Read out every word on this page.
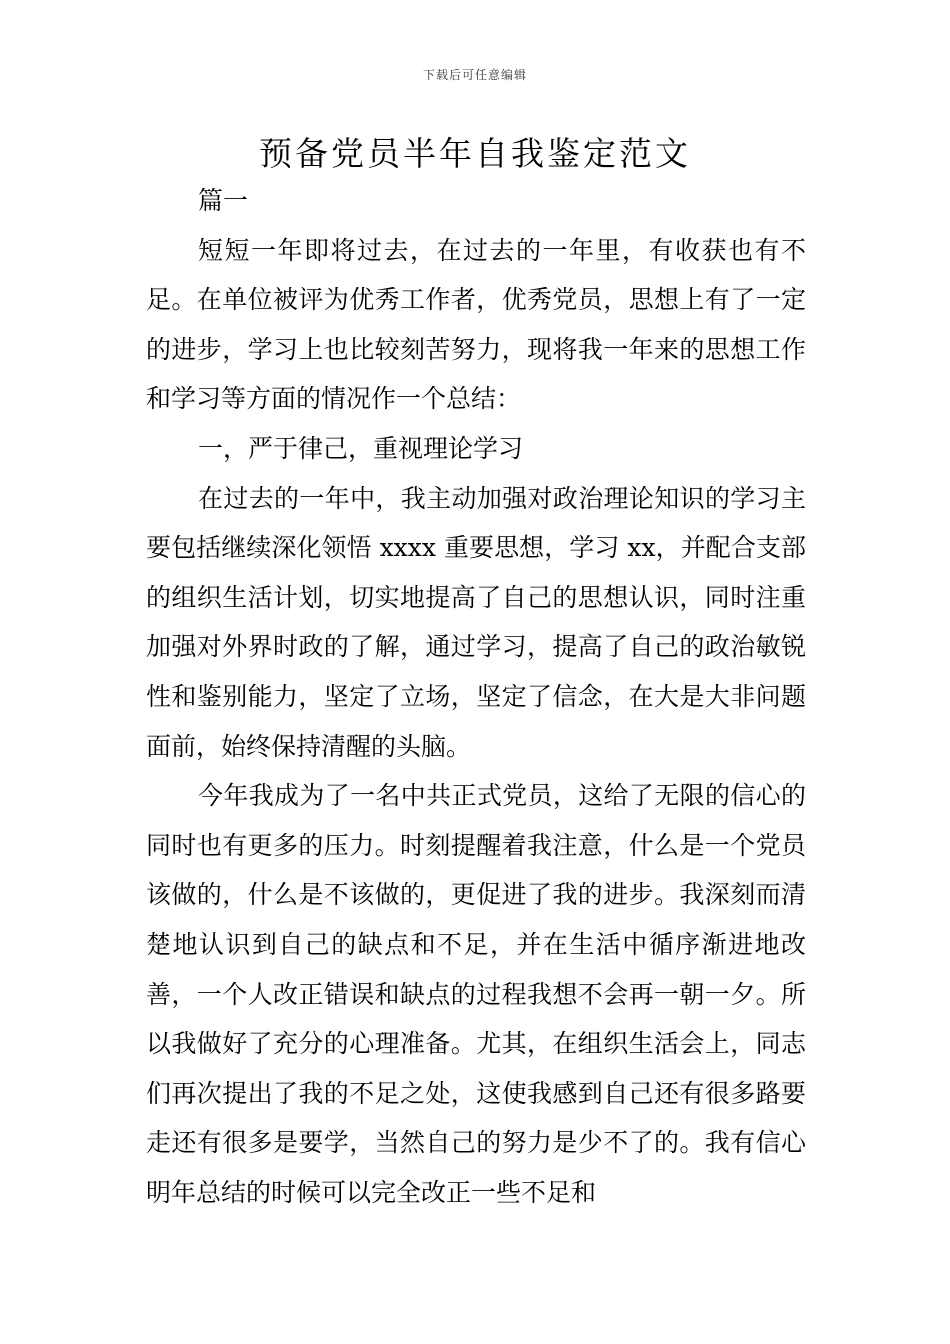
下载后可任意编辑
预备党员半年自我鉴定范文

篇一

短短一年即将过去，在过去的一年里，有收获也有不足。在单位被评为优秀工作者，优秀党员，思想上有了一定的进步，学习上也比较刻苦努力，现将我一年来的思想工作和学习等方面的情况作一个总结：

一，严于律己，重视理论学习

在过去的一年中，我主动加强对政治理论知识的学习主要包括继续深化领悟 xxxx 重要思想，学习 xx，并配合支部的组织生活计划，切实地提高了自己的思想认识，同时注重加强对外界时政的了解，通过学习，提高了自己的政治敏锐性和鉴别能力，坚定了立场，坚定了信念，在大是大非问题面前，始终保持清醒的头脑。

今年我成为了一名中共正式党员，这给了无限的信心的同时也有更多的压力。时刻提醒着我注意，什么是一个党员该做的，什么是不该做的，更促进了我的进步。我深刻而清楚地认识到自己的缺点和不足，并在生活中循序渐进地改善，一个人改正错误和缺点的过程我想不会再一朝一夕。所以我做好了充分的心理准备。尤其，在组织生活会上，同志们再次提出了我的不足之处，这使我感到自己还有很多路要走还有很多是要学，当然自己的努力是少不了的。我有信心明年总结的时候可以完全改正一些不足和
